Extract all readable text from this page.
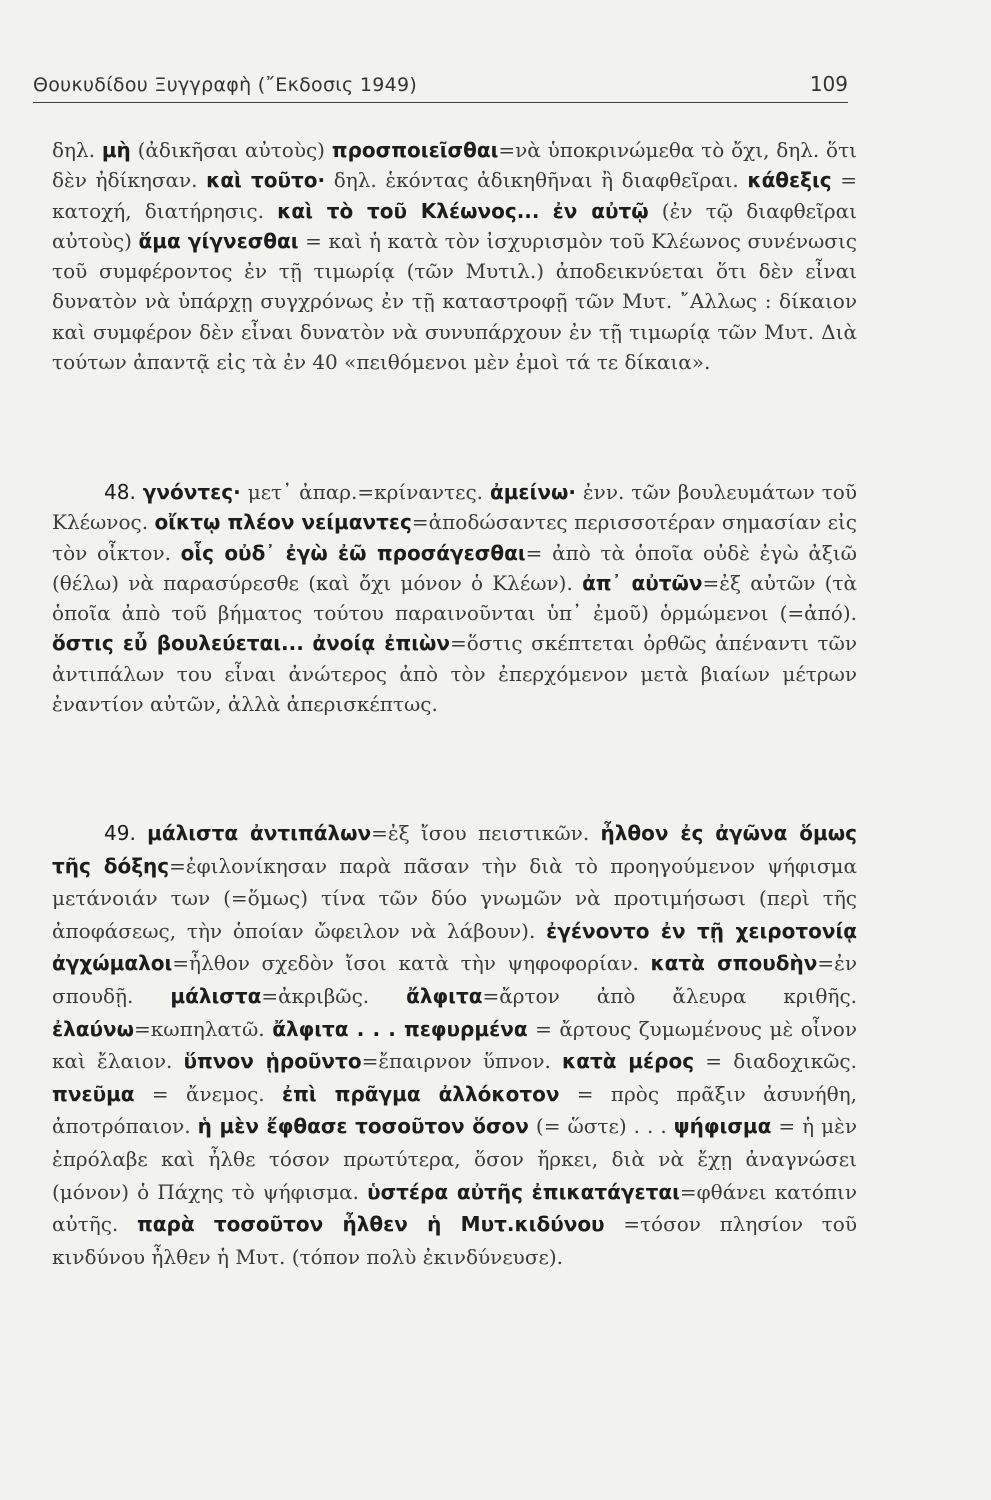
Θουκυδίδου Ξυγγραφὴ (῎Εκδοσις 1949)	109

δηλ. μὴ (ἀδικῆσαι αὐτοὺς) προσποιεῖσθαι=νὰ ὑποκρινώμεθα τὸ ὄχι, δηλ. ὅτι δὲν ἠδίκησαν. καὶ τοῦτο· δηλ. ἑκόντας ἀδικηθῆναι ἢ διαφθεῖραι. κάθεξις = κατοχή, διατήρησις. καὶ τὸ τοῦ Κλέωνος... ἐν αὐτῷ (ἐν τῷ διαφθεῖραι αὐτοὺς) ἅμα γίγνεσθαι = καὶ ἡ κατὰ τὸν ἰσχυρισμὸν τοῦ Κλέωνος συνένωσις τοῦ συμφέροντος ἐν τῇ τιμωρίᾳ (τῶν Μυτιλ.) ἀποδεικνύεται ὅτι δὲν εἶναι δυνατὸν νὰ ὑπάρχῃ συγχρόνως ἐν τῇ καταστροφῇ τῶν Μυτ. ῎Αλλως : δίκαιον καὶ συμφέρον δὲν εἶναι δυνατὸν νὰ συνυπάρχουν ἐν τῇ τιμωρίᾳ τῶν Μυτ. Διὰ τούτων ἀπαντᾷ εἰς τὰ ἐν 40 «πειθόμενοι μὲν ἐμοὶ τά τε δίκαια».

48. γνόντες· μετ᾿ ἀπαρ.=κρίναντες. ἀμείνω· ἐνν. τῶν βουλευμάτων τοῦ Κλέωνος. οἴκτῳ πλέον νείμαντες=ἀποδώσαντες περισσοτέραν σημασίαν εἰς τὸν οἶκτον. οἷς οὐδ᾿ ἐγὼ ἐῶ προσάγεσθαι= ἀπὸ τὰ ὁποῖα οὐδὲ ἐγὼ ἀξιῶ (θέλω) νὰ παρασύρεσθε (καὶ ὄχι μόνον ὁ Κλέων). ἀπ᾿ αὐτῶν=ἐξ αὐτῶν (τὰ ὁποῖα ἀπὸ τοῦ βήματος τούτου παραινοῦνται ὑπ᾿ ἐμοῦ) ὁρμώμενοι (=ἀπό). ὅστις εὖ βουλεύεται... ἀνοίᾳ ἐπιὼν=ὅστις σκέπτεται ὀρθῶς ἀπέναντι τῶν ἀντιπάλων του εἶναι ἀνώτερος ἀπὸ τὸν ἐπερχόμενον μετὰ βιαίων μέτρων ἐναντίον αὐτῶν, ἀλλὰ ἀπερισκέπτως.

49. μάλιστα ἀντιπάλων=ἐξ ἴσου πειστικῶν. ἦλθον ἐς ἀγῶνα ὅμως τῆς δόξης=ἐφιλονίκησαν παρὰ πᾶσαν τὴν διὰ τὸ προηγούμενον ψήφισμα μετάνοιάν των (=ὅμως) τίνα τῶν δύο γνωμῶν νὰ προτιμήσωσι (περὶ τῆς ἀποφάσεως, τὴν ὁποίαν ὤφειλον νὰ λάβουν). ἐγένοντο ἐν τῇ χειροτονίᾳ ἀγχώμαλοι=ἦλθον σχεδὸν ἴσοι κατὰ τὴν ψηφοφορίαν. κατὰ σπουδὴν=ἐν σπουδῇ. μάλιστα=ἀκριβῶς. ἄλφιτα=ἄρτον ἀπὸ ἄλευρα κριθῆς. ἐλαύνω=κωπηλατῶ. ἄλφιτα . . . πεφυρμένα = ἄρτους ζυμωμένους μὲ οἶνον καὶ ἔλαιον. ὕπνον ᾑροῦντο=ἔπαιρνον ὕπνον. κατὰ μέρος = διαδοχικῶς. πνεῦμα = ἄνεμος. ἐπὶ πρᾶγμα ἀλλόκοτον = πρὸς πρᾶξιν ἀσυνήθη, ἀποτρόπαιον. ἡ μὲν ἔφθασε τοσοῦτον ὅσον (= ὥστε) . . . ψήφισμα = ἡ μὲν ἐπρόλαβε καὶ ἦλθε τόσον πρωτύτερα, ὅσον ἤρκει, διὰ νὰ ἔχῃ ἀναγνώσει (μόνον) ὁ Πάχης τὸ ψήφισμα. ὑστέρα αὐτῆς ἐπικατάγεται=φθάνει κατόπιν αὐτῆς. παρὰ τοσοῦτον ἦλθεν ἡ Μυτ.κιδύνου =τόσον πλησίον τοῦ κινδύνου ἦλθεν ἡ Μυτ. (τόπον πολὺ ἐκινδύνευσε).
